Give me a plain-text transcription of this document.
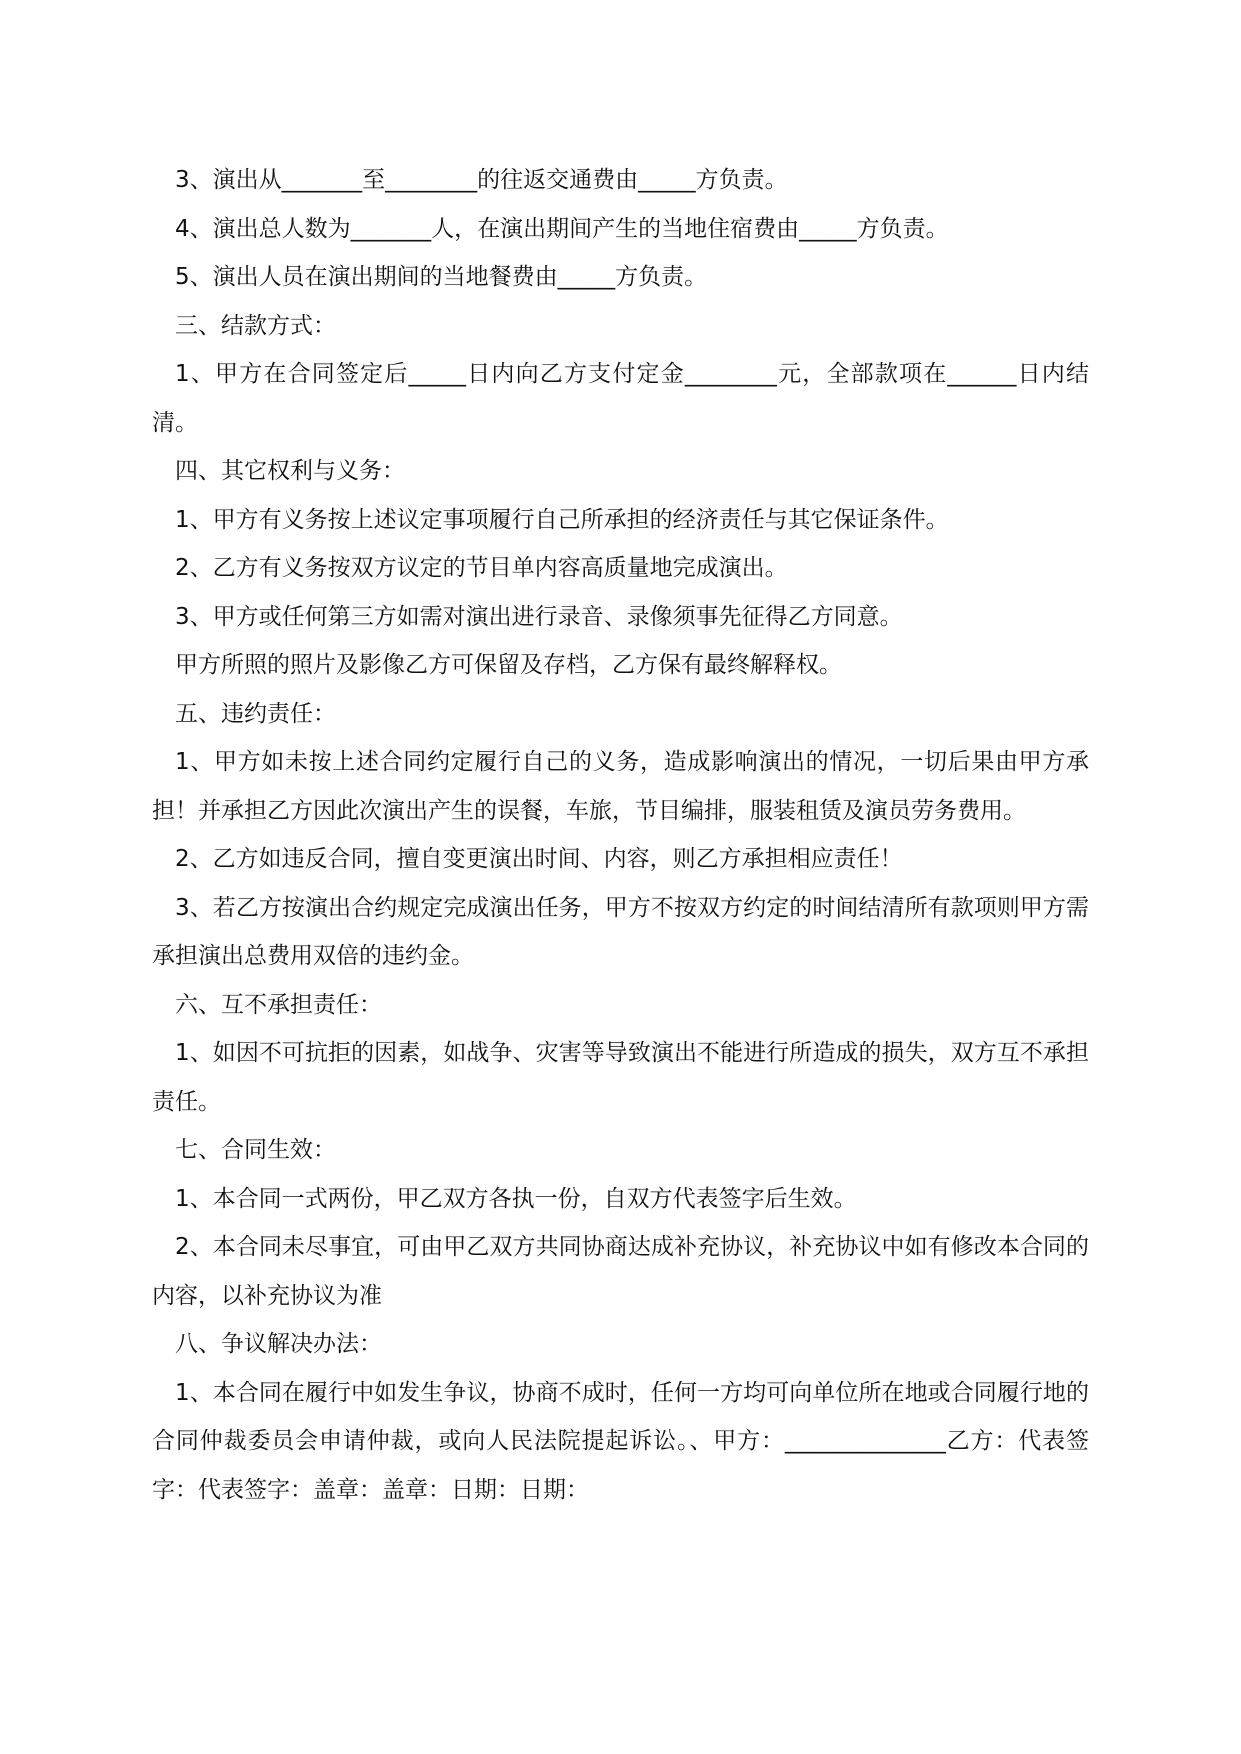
3、演出从_______至________的往返交通费由_____方负责。

4、演出总人数为_______人，在演出期间产生的当地住宿费由_____方负责。

5、演出人员在演出期间的当地餐费由_____方负责。

三、结款方式：

1、甲方在合同签定后_____日内向乙方支付定金________元，全部款项在______日内结清。

四、其它权利与义务：

1、甲方有义务按上述议定事项履行自己所承担的经济责任与其它保证条件。

2、乙方有义务按双方议定的节目单内容高质量地完成演出。

3、甲方或任何第三方如需对演出进行录音、录像须事先征得乙方同意。

甲方所照的照片及影像乙方可保留及存档，乙方保有最终解释权。

五、违约责任：

1、甲方如未按上述合同约定履行自己的义务，造成影响演出的情况，一切后果由甲方承担！并承担乙方因此次演出产生的误餐，车旅，节目编排，服装租赁及演员劳务费用。

2、乙方如违反合同，擅自变更演出时间、内容，则乙方承担相应责任！

3、若乙方按演出合约规定完成演出任务，甲方不按双方约定的时间结清所有款项则甲方需承担演出总费用双倍的违约金。

六、互不承担责任：

1、如因不可抗拒的因素，如战争、灾害等导致演出不能进行所造成的损失，双方互不承担责任。

七、合同生效：

1、本合同一式两份，甲乙双方各执一份，自双方代表签字后生效。

2、本合同未尽事宜，可由甲乙双方共同协商达成补充协议，补充协议中如有修改本合同的内容，以补充协议为准

八、争议解决办法：

1、本合同在履行中如发生争议，协商不成时，任何一方均可向单位所在地或合同履行地的合同仲裁委员会申请仲裁，或向人民法院提起诉讼。、甲方：______________乙方：代表签字：代表签字：盖章：盖章：日期：日期：
